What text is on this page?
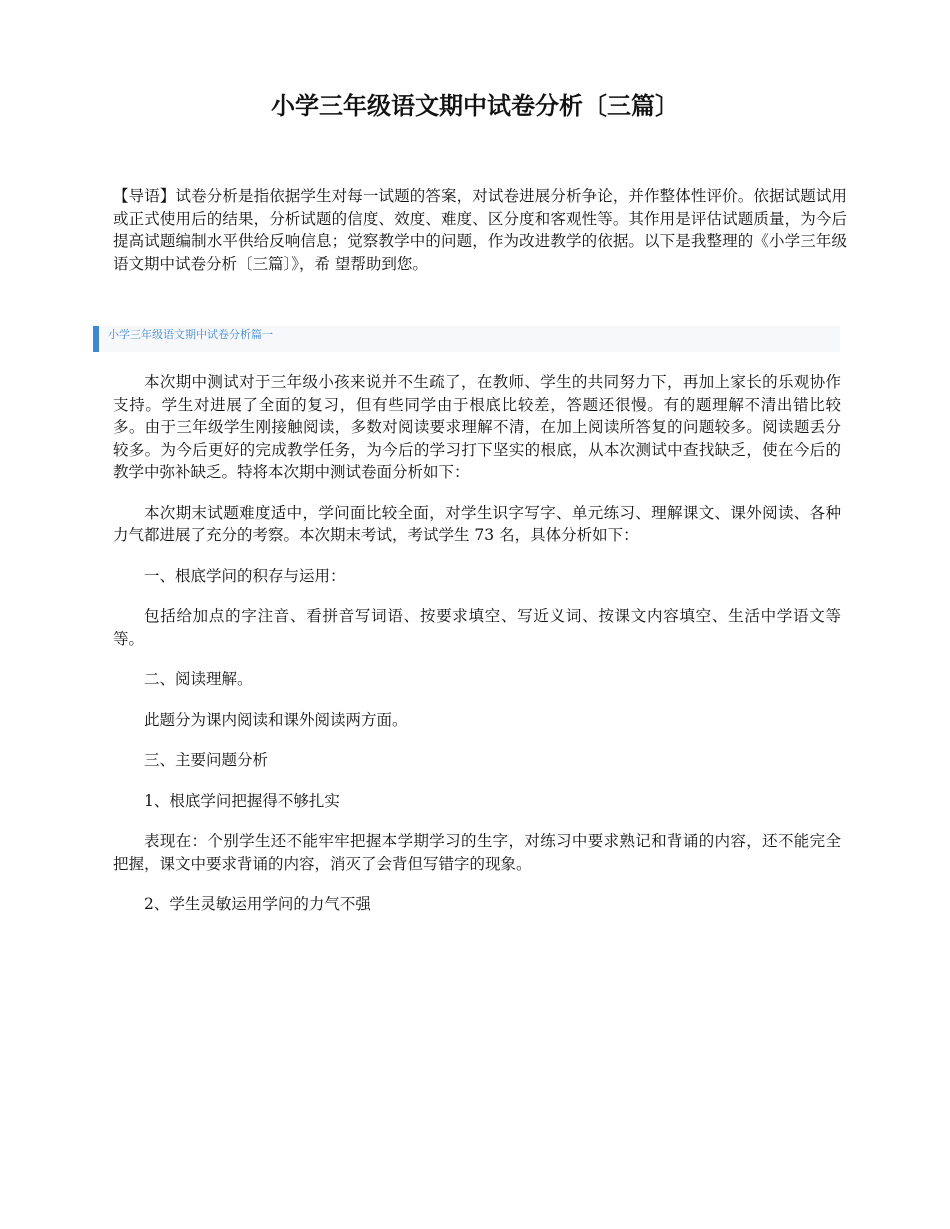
小学三年级语文期中试卷分析〔三篇〕
【导语】试卷分析是指依据学生对每一试题的答案，对试卷进展分析争论，并作整体性评价。依据试题试用或正式使用后的结果，分析试题的信度、效度、难度、区分度和客观性等。其作用是评估试题质量，为今后提高试题编制水平供给反响信息；觉察教学中的问题，作为改进教学的依据。以下是我整理的《小学三年级语文期中试卷分析〔三篇〕》，希 望帮助到您。
小学三年级语文期中试卷分析篇一

本次期中测试对于三年级小孩来说并不生疏了，在教师、学生的共同努力下，再加上家长的乐观协作支持。学生对进展了全面的复习，但有些同学由于根底比较差，答题还很慢。有的题理解不清出错比较多。由于三年级学生刚接触阅读，多数对阅读要求理解不清，在加上阅读所答复的问题较多。阅读题丢分较多。为今后更好的完成教学任务，为今后的学习打下坚实的根底，从本次测试中查找缺乏，使在今后的教学中弥补缺乏。特将本次期中测试卷面分析如下：

本次期末试题难度适中，学问面比较全面，对学生识字写字、单元练习、理解课文、课外阅读、各种力气都进展了充分的考察。本次期末考试，考试学生 73 名，具体分析如下：

一、根底学问的积存与运用：

包括给加点的字注音、看拼音写词语、按要求填空、写近义词、按课文内容填空、生活中学语文等等。

二、阅读理解。

此题分为课内阅读和课外阅读两方面。

三、主要问题分析

1、根底学问把握得不够扎实

表现在：个别学生还不能牢牢把握本学期学习的生字，对练习中要求熟记和背诵的内容，还不能完全把握，课文中要求背诵的内容，消灭了会背但写错字的现象。

2、学生灵敏运用学问的力气不强
